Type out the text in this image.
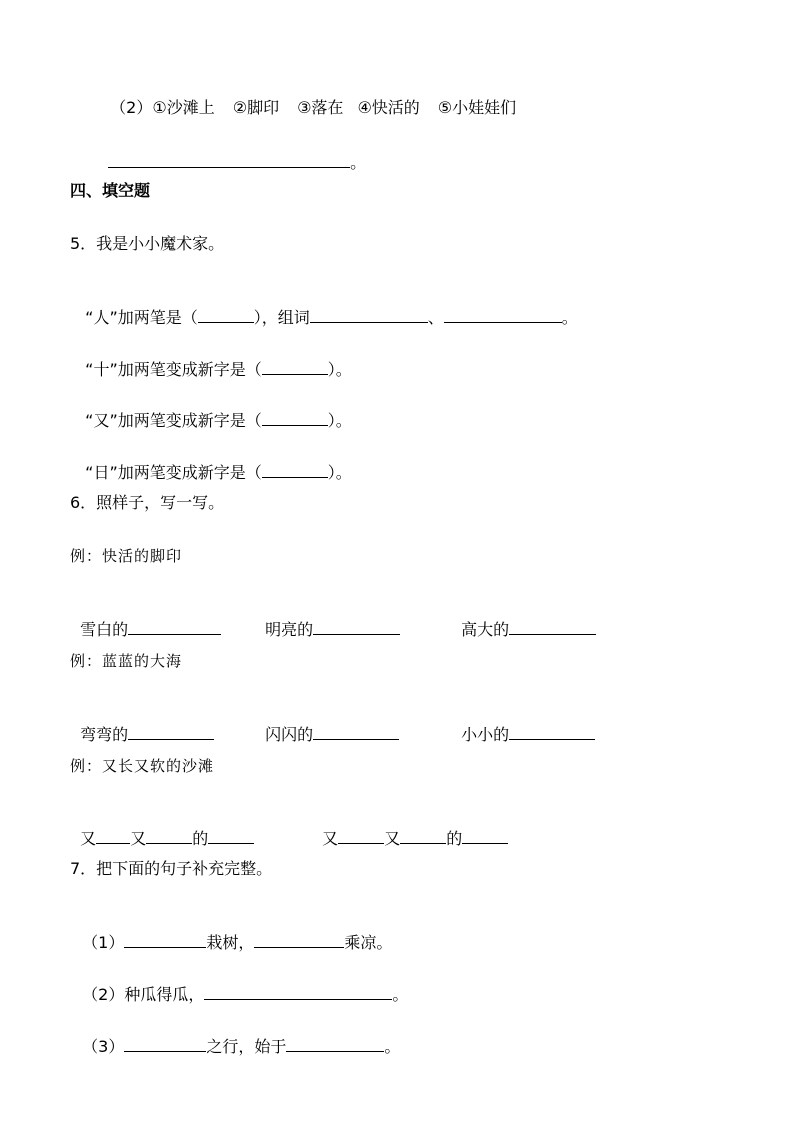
（2）①沙滩上 ②脚印 ③落在 ④快活的 ⑤小娃娃们

。

四、填空题
5．我是小小魔术家。

“人”加两笔是（	），组词	、	。

“十”加两笔变成新字是（	）。

“又”加两笔变成新字是（	）。

“日”加两笔变成新字是（	）。

6．照样子，写一写。
例：快活的脚印

雪白的	明亮的	高大的

例：蓝蓝的大海

弯弯的	闪闪的	小小的

例：又长又软的沙滩

又 又	的	又	又	的

7．把下面的句子补充完整。

（1）	栽树，	乘凉。

（2）种瓜得瓜，	。

（3）	之行，始于	。
